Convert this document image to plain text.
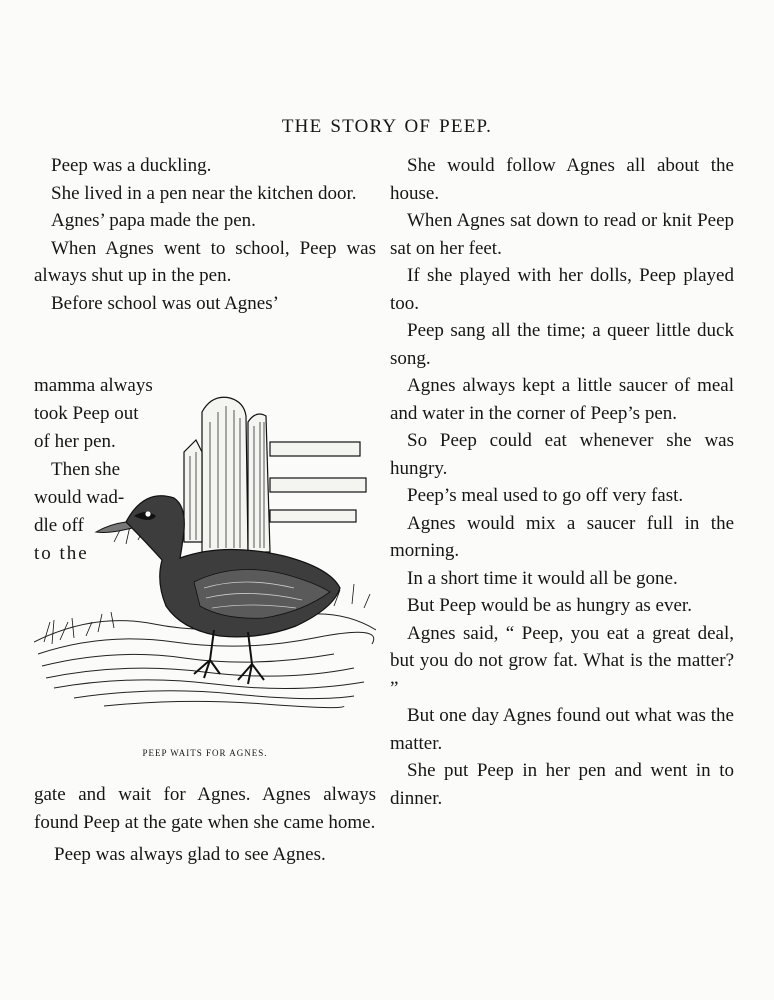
THE STORY OF PEEP.

Peep was a duckling.

She lived in a pen near the kitchen door.

Agnes’ papa made the pen.

When Agnes went to school, Peep was always shut up in the pen.

Before school was out Agnes’

mamma always

took Peep out

of her pen.

Then she

would wad-

dle off

to the

PEEP WAITS FOR AGNES.

gate and wait for Agnes. Agnes always found Peep at the gate when she came home.

Peep was always glad to see Agnes.

She would follow Agnes all about the house.

When Agnes sat down to read or knit Peep sat on her feet.

If she played with her dolls, Peep played too.

Peep sang all the time; a queer little duck song.

Agnes always kept a little saucer of meal and water in the corner of Peep’s pen.

So Peep could eat whenever she was hungry.

Peep’s meal used to go off very fast.

Agnes would mix a saucer full in the morning.

In a short time it would all be gone.

But Peep would be as hungry as ever.

Agnes said, “ Peep, you eat a great deal, but you do not grow fat. What is the matter? ”

But one day Agnes found out what was the matter.

She put Peep in her pen and went in to dinner.
